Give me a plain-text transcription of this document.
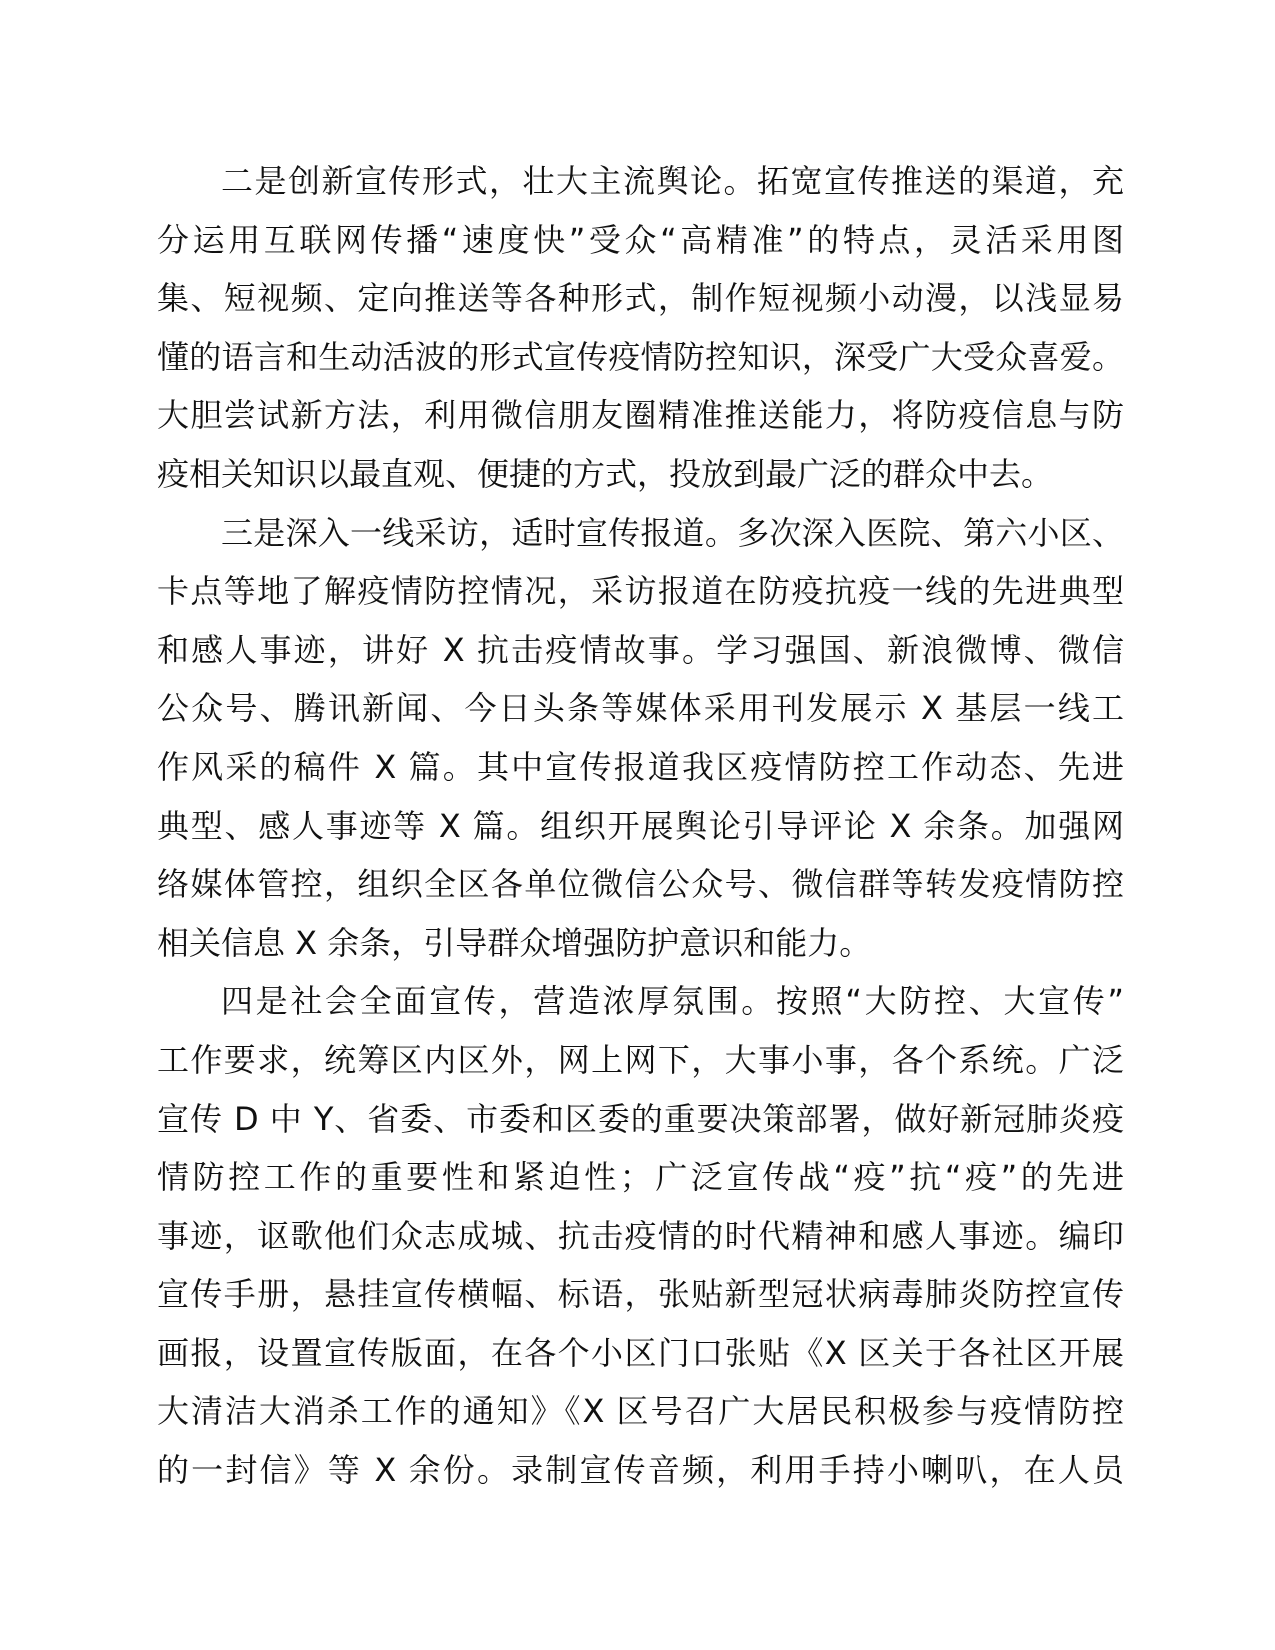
二是创新宣传形式，壮大主流舆论。拓宽宣传推送的渠道，充
分运用互联网传播“速度快”受众“高精准”的特点，灵活采用图
集、短视频、定向推送等各种形式，制作短视频小动漫，以浅显易
懂的语言和生动活波的形式宣传疫情防控知识，深受广大受众喜爱。
大胆尝试新方法，利用微信朋友圈精准推送能力，将防疫信息与防
疫相关知识以最直观、便捷的方式，投放到最广泛的群众中去。
三是深入一线采访，适时宣传报道。多次深入医院、第六小区、
卡点等地了解疫情防控情况，采访报道在防疫抗疫一线的先进典型
和感人事迹，讲好 X 抗击疫情故事。学习强国、新浪微博、微信
公众号、腾讯新闻、今日头条等媒体采用刊发展示 X 基层一线工
作风采的稿件 X 篇。其中宣传报道我区疫情防控工作动态、先进
典型、感人事迹等 X 篇。组织开展舆论引导评论 X 余条。加强网
络媒体管控，组织全区各单位微信公众号、微信群等转发疫情防控
相关信息 X 余条，引导群众增强防护意识和能力。
四是社会全面宣传，营造浓厚氛围。按照“大防控、大宣传”
工作要求，统筹区内区外，网上网下，大事小事，各个系统。广泛
宣传 D 中 Y、省委、市委和区委的重要决策部署，做好新冠肺炎疫
情防控工作的重要性和紧迫性；广泛宣传战“疫”抗“疫”的先进
事迹，讴歌他们众志成城、抗击疫情的时代精神和感人事迹。编印
宣传手册，悬挂宣传横幅、标语，张贴新型冠状病毒肺炎防控宣传
画报，设置宣传版面，在各个小区门口张贴《X 区关于各社区开展
大清洁大消杀工作的通知》《X 区号召广大居民积极参与疫情防控
的一封信》等 X 余份。录制宣传音频，利用手持小喇叭，在人员
